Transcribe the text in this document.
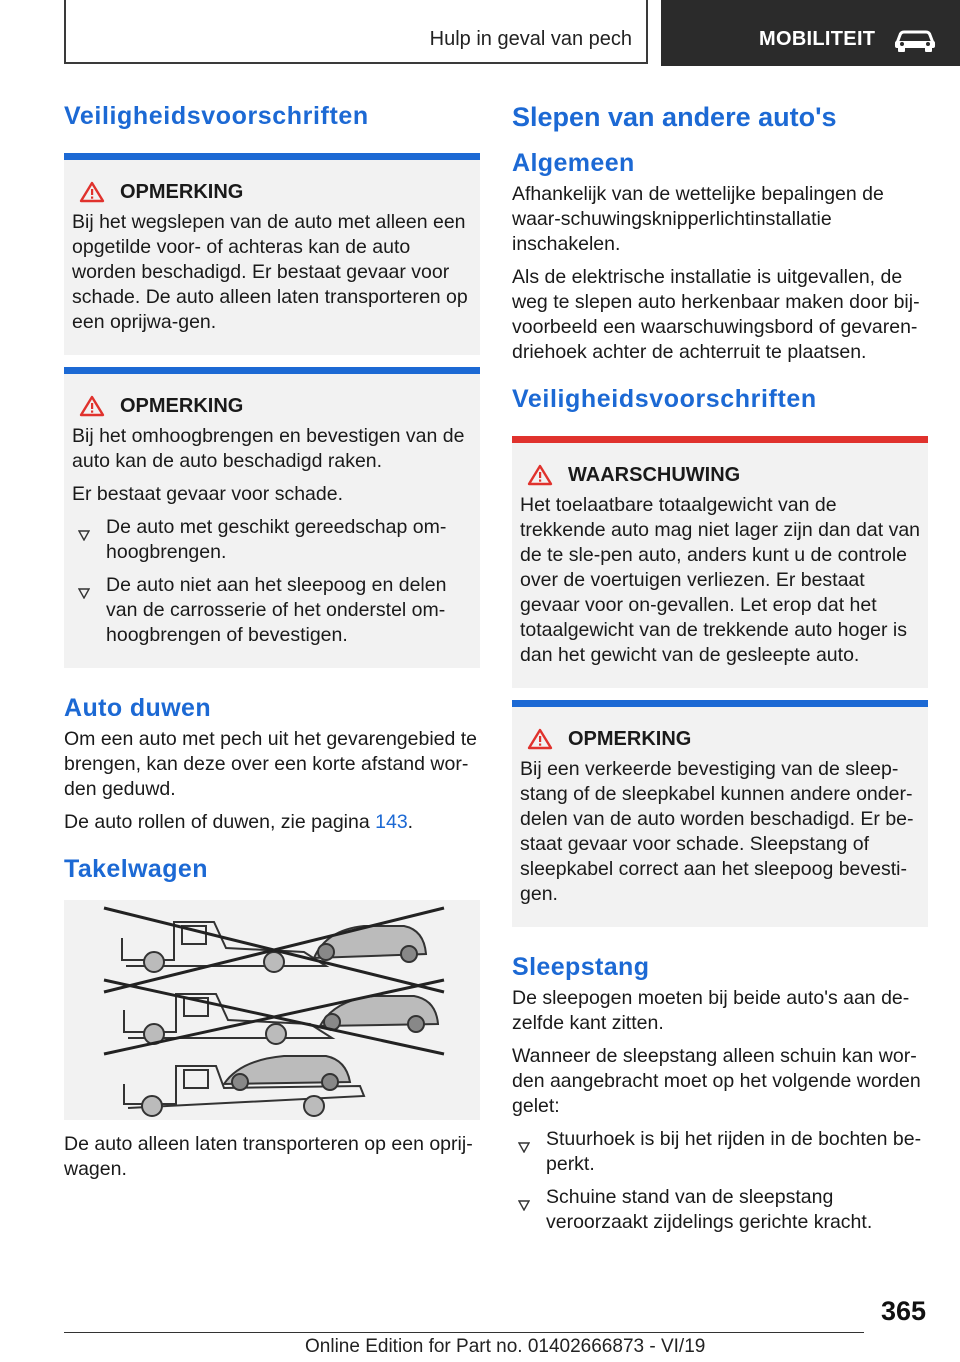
Hulp in geval van pech	MOBILITEIT
Veiligheidsvoorschriften
OPMERKING

Bij het wegslepen van de auto met alleen een opgetilde voor- of achteras kan de auto worden beschadigd. Er bestaat gevaar voor schade. De auto alleen laten transporteren op een oprijwa-gen.

OPMERKING

Bij het omhoogbrengen en bevestigen van de auto kan de auto beschadigd raken.

Er bestaat gevaar voor schade.

De auto met geschikt gereedschap om-hoogbrengen.
De auto niet aan het sleepoog en delen van de carrosserie of het onderstel om-hoogbrengen of bevestigen.
Auto duwen

Om een auto met pech uit het gevarengebied te brengen, kan deze over een korte afstand wor-den geduwd.

De auto rollen of duwen, zie pagina 143.

Takelwagen

De auto alleen laten transporteren op een oprij-wagen.

Slepen van andere auto's
Algemeen

Afhankelijk van de wettelijke bepalingen de waar-schuwingsknipperlichtinstallatie inschakelen.

Als de elektrische installatie is uitgevallen, de weg te slepen auto herkenbaar maken door bij-voorbeeld een waarschuwingsbord of gevaren-driehoek achter de achterruit te plaatsen.

Veiligheidsvoorschriften
WAARSCHUWING

Het toelaatbare totaalgewicht van de trekkende auto mag niet lager zijn dan dat van de te sle-pen auto, anders kunt u de controle over de voertuigen verliezen. Er bestaat gevaar voor on-gevallen. Let erop dat het totaalgewicht van de trekkende auto hoger is dan het gewicht van de gesleepte auto.

OPMERKING

Bij een verkeerde bevestiging van de sleep-stang of de sleepkabel kunnen andere onder-delen van de auto worden beschadigd. Er be-staat gevaar voor schade. Sleepstang of sleepkabel correct aan het sleepoog bevesti-gen.

Sleepstang

De sleepogen moeten bij beide auto's aan de-zelfde kant zitten.

Wanneer de sleepstang alleen schuin kan wor-den aangebracht moet op het volgende worden gelet:

Stuurhoek is bij het rijden in de bochten be-perkt.
Schuine stand van de sleepstang veroorzaakt zijdelings gerichte kracht.
365
Online Edition for Part no. 01402666873 - VI/19
